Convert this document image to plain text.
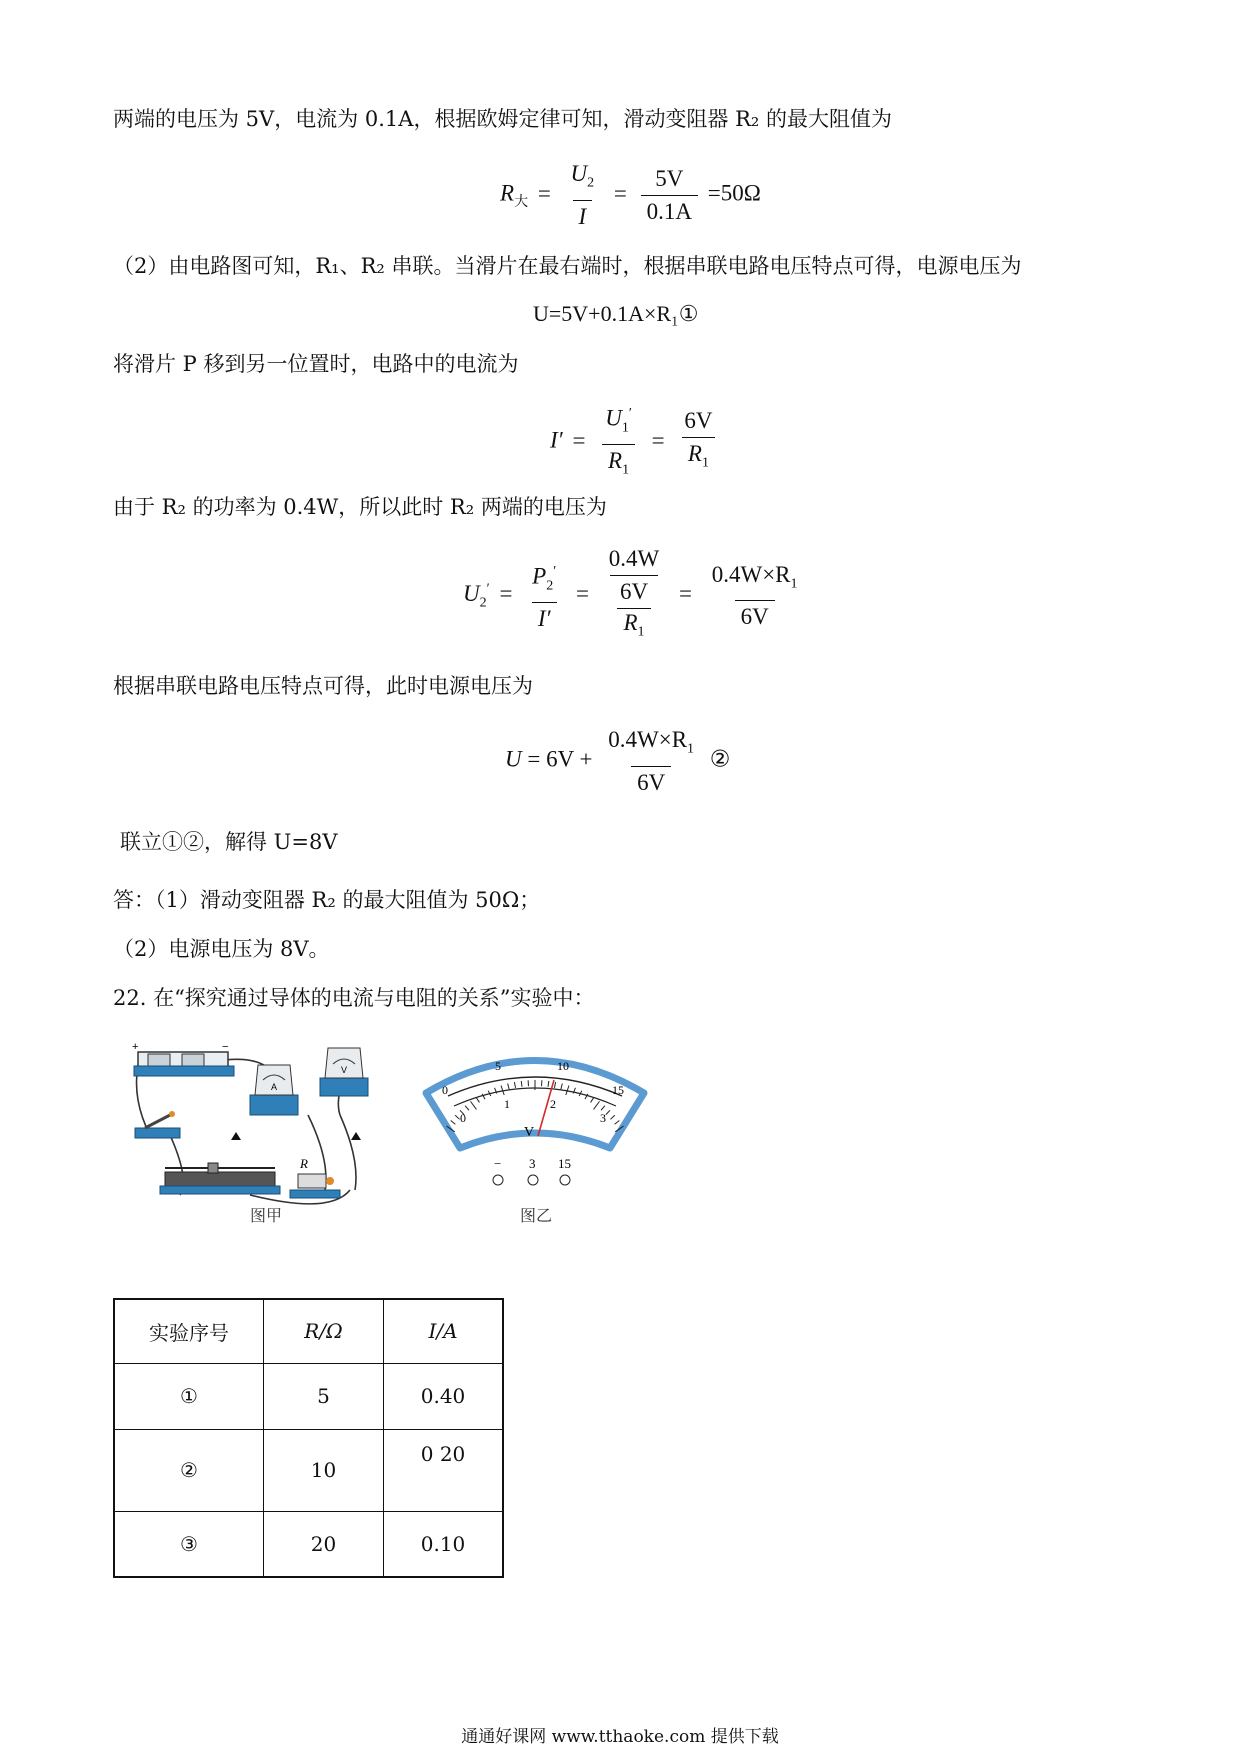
两端的电压为 5V，电流为 0.1A，根据欧姆定律可知，滑动变阻器 R₂ 的最大阻值为
$R_大 = \frac{U_2}{I} = \frac{5V}{0.1A} =50\Omega$
（2）由电路图可知，R₁、R₂ 串联。当滑片在最右端时，根据串联电路电压特点可得，电源电压为
U=5V+0.1A×R₁①
将滑片 P 移到另一位置时，电路中的电流为
$I' = \frac{U_1'}{R_1} = \frac{6V}{R_1}$
由于 R₂ 的功率为 0.4W，所以此时 R₂ 两端的电压为
$U_2' = \frac{P_2'}{I'} = \frac{0.4W}{\frac{6V}{R_1}} = \frac{0.4W\times R_1}{6V}$
根据串联电路电压特点可得，此时电源电压为
$U = 6V + \frac{0.4W\times R_1}{6V}$ ②
联立①②，解得 U=8V
答：（1）滑动变阻器 R₂ 的最大阻值为 50Ω；
（2）电源电压为 8V。
22. 在“探究通过导体的电流与电阻的关系”实验中：
+	−
A
V
R
图甲
0
5	10
15
0
1	2
3
V
− 3 15
图乙
实验序号	R/Ω	I/A
①	5	0.40
②	10	0 20
③	20	0.10
通通好课网 www.tthaoke.com 提供下载
